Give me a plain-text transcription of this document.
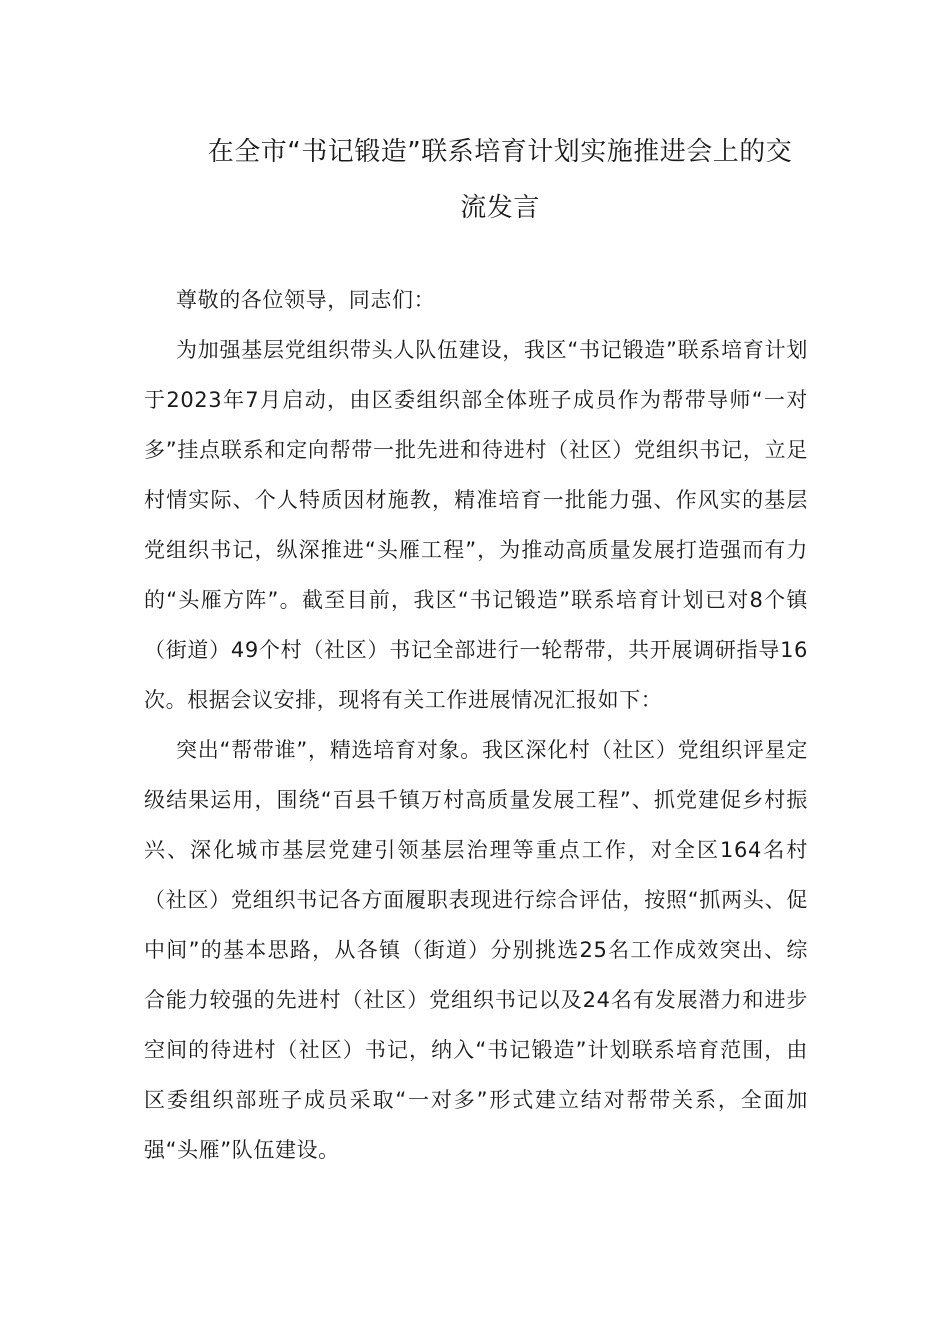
在全市“书记锻造”联系培育计划实施推进会上的交
流发言

尊敬的各位领导，同志们：

为加强基层党组织带头人队伍建设，我区“书记锻造”联系培育计划于2023年7月启动，由区委组织部全体班子成员作为帮带导师“一对多”挂点联系和定向帮带一批先进和待进村（社区）党组织书记，立足村情实际、个人特质因材施教，精准培育一批能力强、作风实的基层党组织书记，纵深推进“头雁工程”，为推动高质量发展打造强而有力的“头雁方阵”。截至目前，我区“书记锻造”联系培育计划已对8个镇（街道）49个村（社区）书记全部进行一轮帮带，共开展调研指导16次。根据会议安排，现将有关工作进展情况汇报如下：

突出“帮带谁”，精选培育对象。我区深化村（社区）党组织评星定级结果运用，围绕“百县千镇万村高质量发展工程”、抓党建促乡村振兴、深化城市基层党建引领基层治理等重点工作，对全区164名村（社区）党组织书记各方面履职表现进行综合评估，按照“抓两头、促中间”的基本思路，从各镇（街道）分别挑选25名工作成效突出、综合能力较强的先进村（社区）党组织书记以及24名有发展潜力和进步空间的待进村（社区）书记，纳入“书记锻造”计划联系培育范围，由区委组织部班子成员采取“一对多”形式建立结对帮带关系，全面加强“头雁”队伍建设。
